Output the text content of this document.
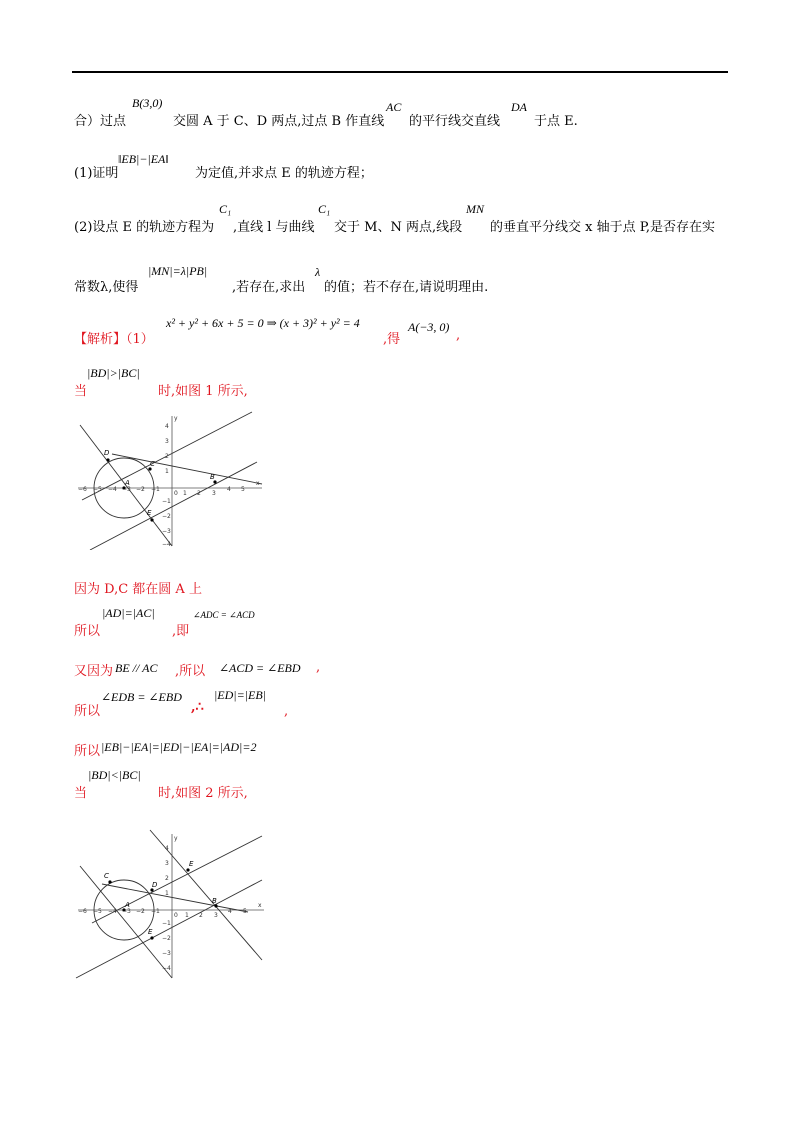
合）过点
B(3,0)
交圆 A 于 C、D 两点,过点 B 作直线
AC
的平行线交直线
DA
于点 E.
(1)证明
‖EB|−|EA‖
为定值,并求点 E 的轨迹方程；
(2)设点 E 的轨迹方程为
C₁
,直线 l 与曲线
C₁
交于 M、N 两点,线段
MN
的垂直平分线交 x 轴于点 P,是否存在实
常数λ,使得
|MN|=λ|PB|
,若存在,求出
λ
的值；若不存在,请说明理由.
【解析】（1）
x² + y² + 6x + 5 = 0 ⇒ (x + 3)² + y² = 4
,得
A(−3, 0)
,
当
|BD|>|BC|
时,如图 1 所示,
D
C
A
B
E
−6 −5 −4 −3 −2 −1
0 1 2 3
4 5
x
4
3
2
1
−1
−2
−3
−4
y
因为 D,C 都在圆 A 上
所以
|AD|=|AC|
,即
∠ADC = ∠ACD
又因为 BE // AC ,所以 ∠ACD = ∠EBD ,
所以
∠EDB = ∠EBD
,∴
|ED|=|EB|
,
所以 |EB|−|EA|=|ED|−|EA|=|AD|=2
当
|BD|<|BC|
时,如图 2 所示,
C
D
A	B
E
E
−6 −5 −4 −3 −2 −1
0 1 2 3
4 5
x
4
3
2
1
−1
−2
−3
−4
y
